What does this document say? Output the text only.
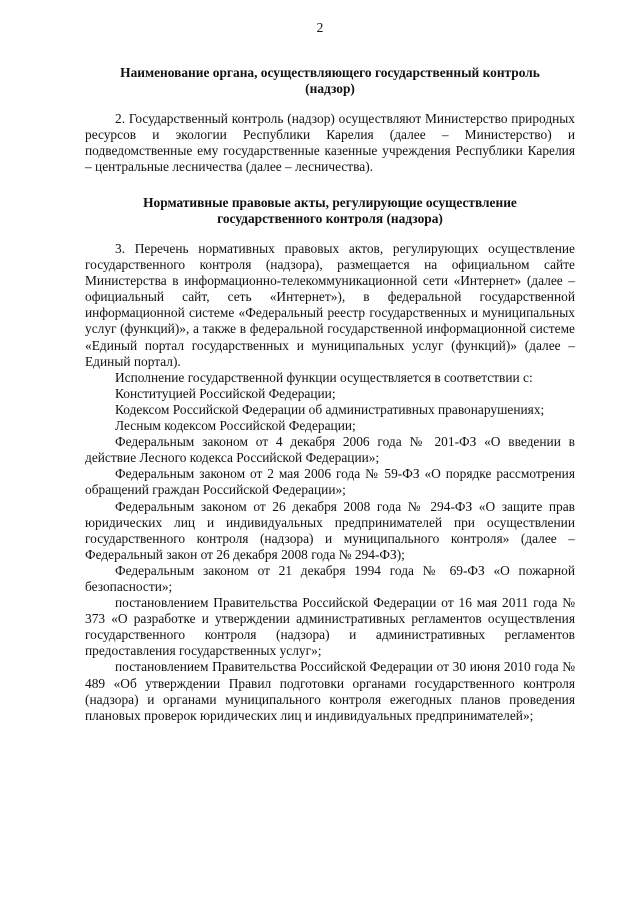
2
Наименование органа, осуществляющего государственный контроль
(надзор)

2. Государственный контроль (надзор) осуществляют Министерство природных ресурсов и экологии Республики Карелия (далее – Министерство) и подведомственные ему государственные казенные учреждения Республики Карелия – центральные лесничества (далее – лесничества).

Нормативные правовые акты, регулирующие осуществление
государственного контроля (надзора)

3. Перечень нормативных правовых актов, регулирующих осуществление государственного контроля (надзора), размещается на официальном сайте Министерства в информационно-телекоммуникационной сети «Интернет» (далее – официальный сайт, сеть «Интернет»), в федеральной государственной информационной системе «Федеральный реестр государственных и муниципальных услуг (функций)», а также в федеральной государственной информационной системе «Единый портал государственных и муниципальных услуг (функций)» (далее – Единый портал).

Исполнение государственной функции осуществляется в соответствии с:

Конституцией Российской Федерации;

Кодексом Российской Федерации об административных правонарушениях;

Лесным кодексом Российской Федерации;

Федеральным законом от 4 декабря 2006 года № 201-ФЗ «О введении в действие Лесного кодекса Российской Федерации»;

Федеральным законом от 2 мая 2006 года № 59-ФЗ «О порядке рассмотрения обращений граждан Российской Федерации»;

Федеральным законом от 26 декабря 2008 года № 294-ФЗ «О защите прав юридических лиц и индивидуальных предпринимателей при осуществлении государственного контроля (надзора) и муниципального контроля» (далее – Федеральный закон от 26 декабря 2008 года № 294-ФЗ);

Федеральным законом от 21 декабря 1994 года № 69-ФЗ «О пожарной безопасности»;

постановлением Правительства Российской Федерации от 16 мая 2011 года № 373 «О разработке и утверждении административных регламентов осуществления государственного контроля (надзора) и административных регламентов предоставления государственных услуг»;

постановлением Правительства Российской Федерации от 30 июня 2010 года № 489 «Об утверждении Правил подготовки органами государственного контроля (надзора) и органами муниципального контроля ежегодных планов проведения плановых проверок юридических лиц и индивидуальных предпринимателей»;
